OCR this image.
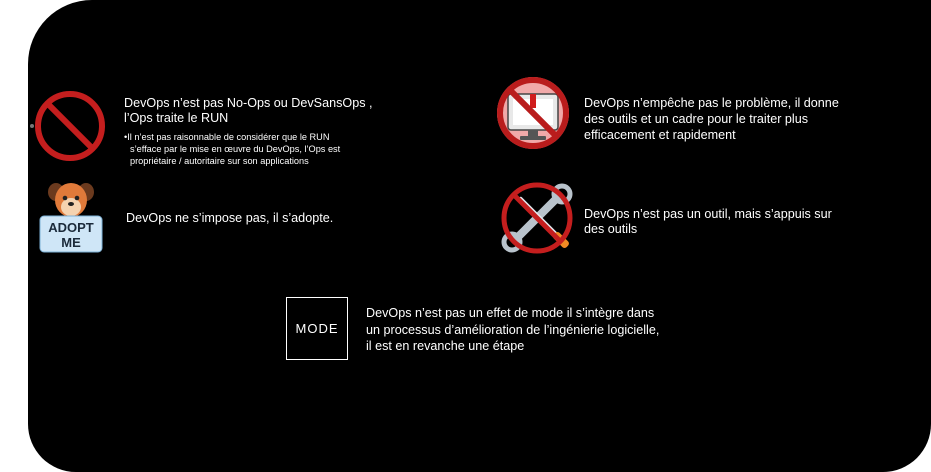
DevOps n’est pas No-Ops ou DevSansOps ,
l’Ops traite le RUN
•Il n’est pas raisonnable de considérer que le RUN
s’efface par le mise en œuvre du DevOps, l’Ops est
propriétaire / autoritaire sur son applications
ADOPT
ME
DevOps ne s’impose pas, il s’adopte.
DevOps n’empêche pas le problème, il donne
des outils et un cadre pour le traiter plus
efficacement et rapidement
DevOps n’est pas un outil, mais s’appuis sur
des outils
MODE
DevOps n’est pas un effet de mode il s’intègre dans
un processus d’amélioration de l’ingénierie logicielle,
il est en revanche une étape
